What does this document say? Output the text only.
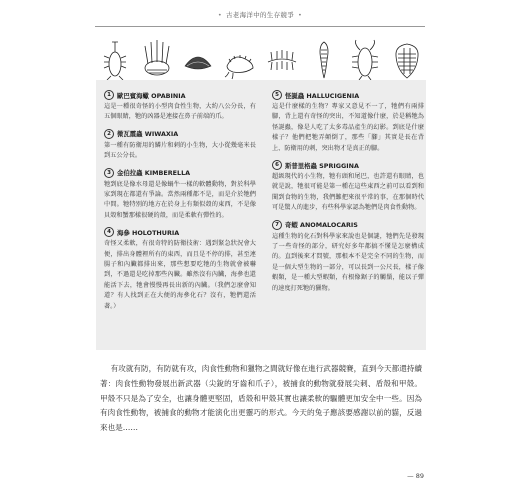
• 古老海洋中的生存競爭 •
1 歐巴賓海蠍 OPABINIA
這是一種很奇怪的小型肉食性生物，大約八公分長，有五個眼睛，牠的凶器是連接在鼻子前端的爪。
2 微瓦霞蟲 WIWAXIA
第一種有防衛用的鱗片和刺的小生物，大小從幾毫米長到五公分長。
3 金伯拉蟲 KIMBERELLA
牠到底是像水母還是像蝸牛一樣的軟體動物，對於科學家到現在都還有爭論。當然兩種都不是，而是介於牠們中間。牠特別的地方在於身上有類似殼的東西，不是像貝殼和蟹那樣很硬的殼，而是柔軟有彈性的。
4 海參 HOLOTHURIA
奇怪又柔軟，有很奇特的防衛技術：遇到緊急狀況會大便，排出身體裡所有的東西，而且是不停的排，甚至連腸子和內臟都排出來，那些想要吃牠的生物就會被嚇到，不過還是吃掉那些內臟。雖然沒有內臟，海參也還能活下去，牠會慢慢再長出新的內臟。（我們怎麼會知道？有人找到正在大便的海參化石？沒有，牠們還活著。）
5 怪誕蟲 HALLUCIGENIA
這是什麼樣的生物？專家又意見不一了，牠們有兩排腳，背上還有奇怪的突出，不知道像什麼，於是稱牠為怪誕蟲，像是人吃了太多毒品產生的幻影。到底是什麼樣子？他們把牠弄顛倒了，那些「腳」其實是長在背上、防衛用的刺，突出物才是真正的腳。
6 斯普里格蟲 SPRIGGINA
超級現代的小生物，牠有頭和尾巴，也許還有眼睛，也就是說，牠很可能是第一種在這些東西之前可以看到和聞到食物的生物，我們難把來很平常的事，在那個時代可是驚人的進步，有些科學家認為牠們是肉食性動物。
7 奇蝦 ANOMALOCARIS
這種生物的化石對科學家來說也是個謎，牠們先是發現了一些奇怪的部分，研究好多年都搞不懂是怎麼構成的。直到後來才問號，那根本不是完全不同的生物，而是一個大型生物的一部分，可以長到一公尺長，樣子像蝦類，是一種大型蝦類，有根像鋸子的觸鬚，能以子彈的速度打死牠的獵物。
有攻就有防，有防就有攻，肉食性動物和獵物之間就好像在進行武器競賽，直到今天都還持續著：肉食性動物發展出新武器（尖銳的牙齒和爪子），被捕食的動物就發展尖刺、盾殼和甲殼。甲殼不只是為了安全，也讓身體更堅固，盾殼和甲殼其實也讓柔軟的驅體更加安全中一些。因為有肉食性動物，被捕食的動物才能演化出更靈巧的形式。今天的兔子應該要感謝以前的貓，反過來也是……
— 89
